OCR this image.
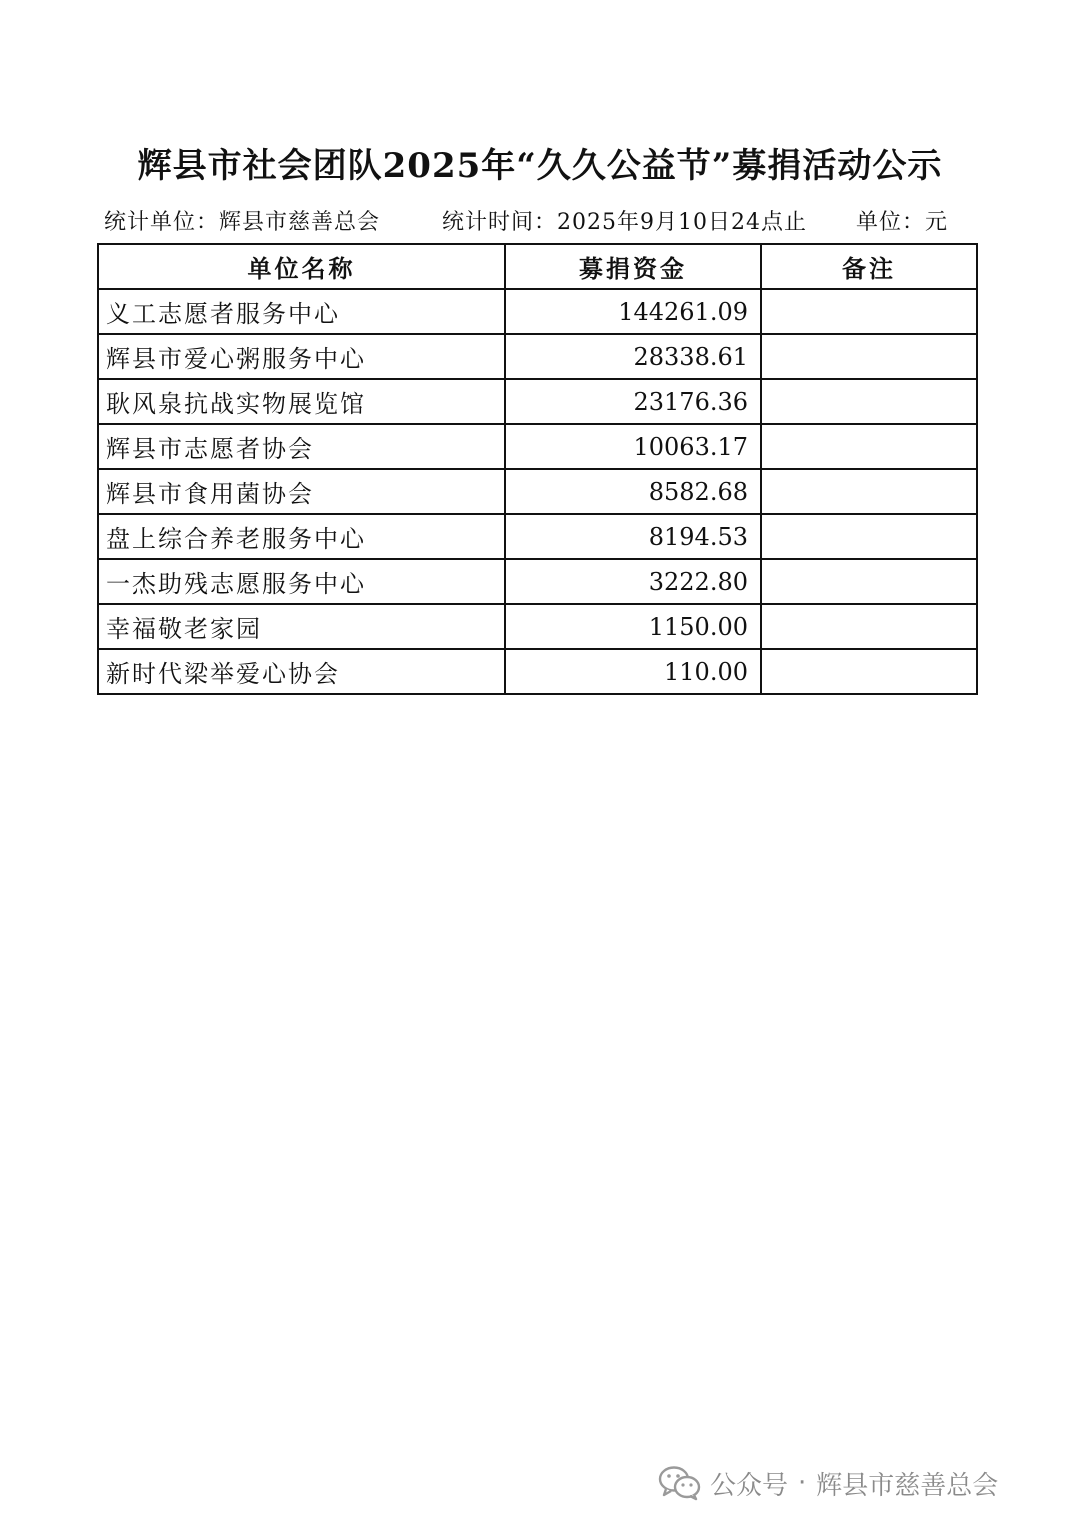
辉县市社会团队2025年“久久公益节”募捐活动公示
统计单位：辉县市慈善总会	统计时间：2025年9月10日24点止 单位：元
单位名称	募捐资金	备注
义工志愿者服务中心	144261.09	
辉县市爱心粥服务中心	28338.61	
耿风泉抗战实物展览馆	23176.36	
辉县市志愿者协会	10063.17	
辉县市食用菌协会	8582.68	
盘上综合养老服务中心	8194.53	
一杰助残志愿服务中心	3222.80	
幸福敬老家园	1150.00	
新时代梁举爱心协会	110.00	
公众号 · 辉县市慈善总会
